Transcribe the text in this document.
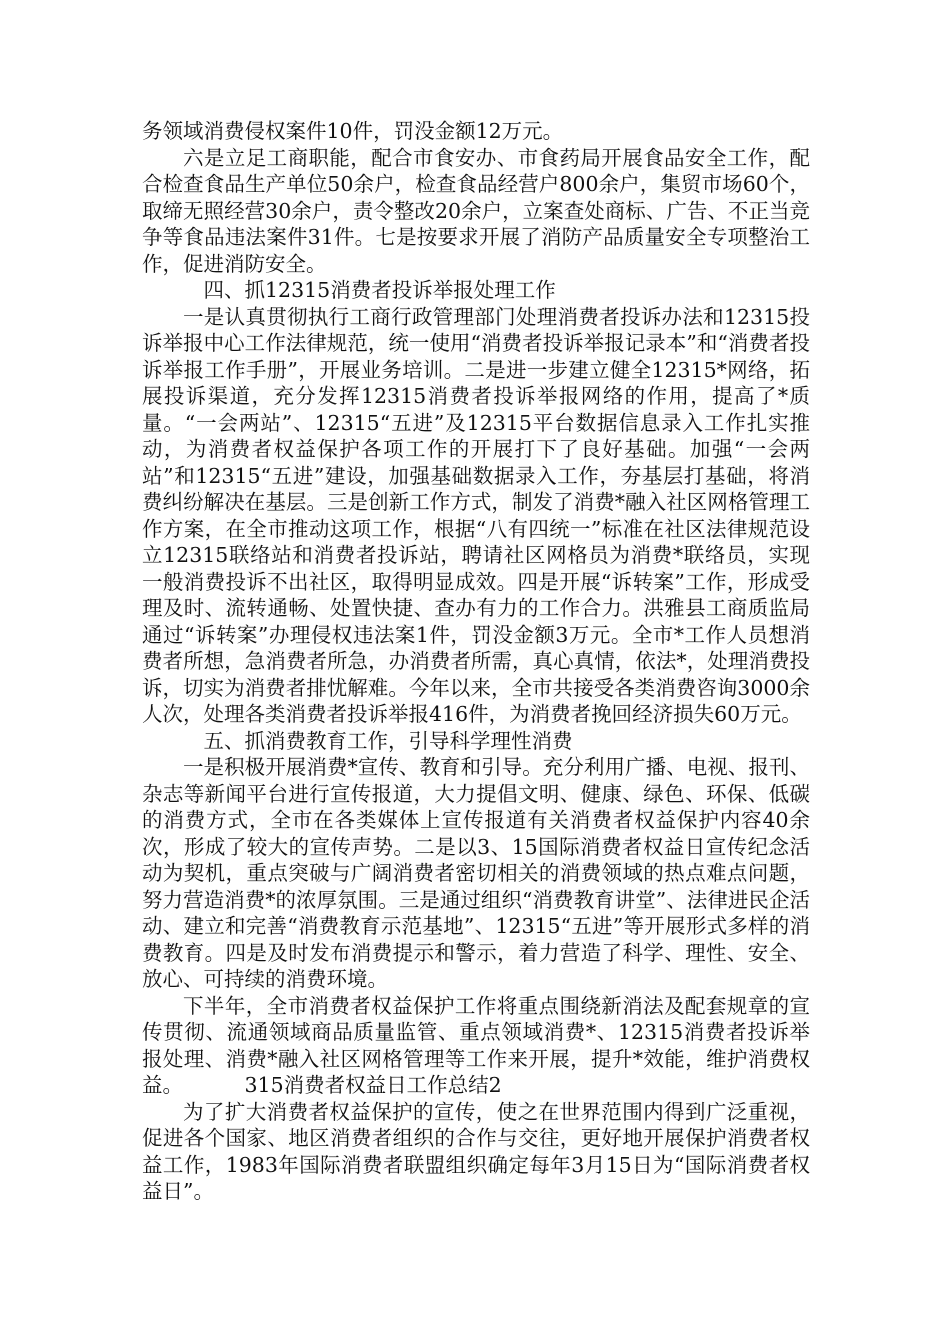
务领域消费侵权案件10件，罚没金额12万元。

六是立足工商职能，配合市食安办、市食药局开展食品安全工作，配合检查食品生产单位50余户，检查食品经营户800余户，集贸市场60个，取缔无照经营30余户，责令整改20余户，立案查处商标、广告、不正当竞争等食品违法案件31件。七是按要求开展了消防产品质量安全专项整治工作，促进消防安全。

四、抓12315消费者投诉举报处理工作

一是认真贯彻执行工商行政管理部门处理消费者投诉办法和12315投诉举报中心工作法律规范，统一使用“消费者投诉举报记录本”和“消费者投诉举报工作手册”，开展业务培训。二是进一步建立健全12315*网络，拓展投诉渠道，充分发挥12315消费者投诉举报网络的作用，提高了*质量。“一会两站”、12315“五进”及12315平台数据信息录入工作扎实推动，为消费者权益保护各项工作的开展打下了良好基础。加强“一会两站”和12315“五进”建设，加强基础数据录入工作，夯基层打基础，将消费纠纷解决在基层。三是创新工作方式，制发了消费*融入社区网格管理工作方案，在全市推动这项工作，根据“八有四统一”标准在社区法律规范设立12315联络站和消费者投诉站，聘请社区网格员为消费*联络员，实现一般消费投诉不出社区，取得明显成效。四是开展“诉转案”工作，形成受理及时、流转通畅、处置快捷、查办有力的工作合力。洪雅县工商质监局通过“诉转案”办理侵权违法案1件，罚没金额3万元。全市*工作人员想消费者所想，急消费者所急，办消费者所需，真心真情，依法*，处理消费投诉，切实为消费者排忧解难。今年以来，全市共接受各类消费咨询3000余人次，处理各类消费者投诉举报416件，为消费者挽回经济损失60万元。

五、抓消费教育工作，引导科学理性消费

一是积极开展消费*宣传、教育和引导。充分利用广播、电视、报刊、杂志等新闻平台进行宣传报道，大力提倡文明、健康、绿色、环保、低碳的消费方式，全市在各类媒体上宣传报道有关消费者权益保护内容40余次，形成了较大的宣传声势。二是以3、15国际消费者权益日宣传纪念活动为契机，重点突破与广阔消费者密切相关的消费领域的热点难点问题，努力营造消费*的浓厚氛围。三是通过组织“消费教育讲堂”、法律进民企活动、建立和完善“消费教育示范基地”、12315“五进”等开展形式多样的消费教育。四是及时发布消费提示和警示，着力营造了科学、理性、安全、放心、可持续的消费环境。

下半年，全市消费者权益保护工作将重点围绕新消法及配套规章的宣传贯彻、流通领域商品质量监管、重点领域消费*、12315消费者投诉举报处理、消费*融入社区网格管理等工作来开展，提升*效能，维护消费权益。	315消费者权益日工作总结2

为了扩大消费者权益保护的宣传，使之在世界范围内得到广泛重视，促进各个国家、地区消费者组织的合作与交往，更好地开展保护消费者权益工作，1983年国际消费者联盟组织确定每年3月15日为“国际消费者权益日”。
